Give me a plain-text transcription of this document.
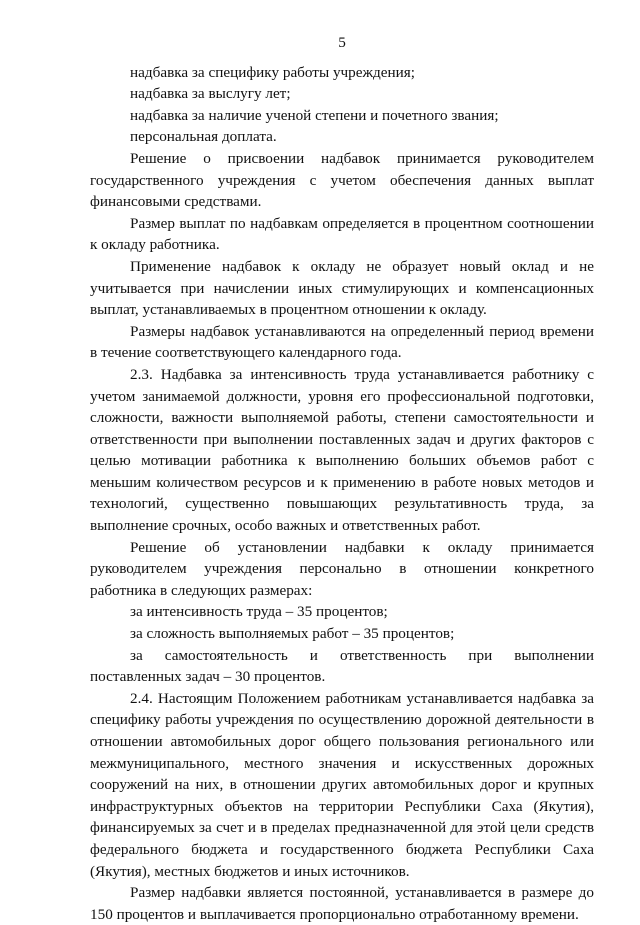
5

надбавка за специфику работы учреждения;

надбавка за выслугу лет;

надбавка за наличие ученой степени и почетного звания;

персональная доплата.

Решение о присвоении надбавок принимается руководителем государственного учреждения с учетом обеспечения данных выплат финансовыми средствами.

Размер выплат по надбавкам определяется в процентном соотношении к окладу работника.

Применение надбавок к окладу не образует новый оклад и не учитывается при начислении иных стимулирующих и компенсационных выплат, устанавливаемых в процентном отношении к окладу.

Размеры надбавок устанавливаются на определенный период времени в течение соответствующего календарного года.

2.3. Надбавка за интенсивность труда устанавливается работнику с учетом занимаемой должности, уровня его профессиональной подготовки, сложности, важности выполняемой работы, степени самостоятельности и ответственности при выполнении поставленных задач и других факторов с целью мотивации работника к выполнению больших объемов работ с меньшим количеством ресурсов и к применению в работе новых методов и технологий, существенно повышающих результативность труда, за выполнение срочных, особо важных и ответственных работ.

Решение об установлении надбавки к окладу принимается руководителем учреждения персонально в отношении конкретного работника в следующих размерах:

за интенсивность труда – 35 процентов;

за сложность выполняемых работ – 35 процентов;

за самостоятельность и ответственность при выполнении поставленных задач – 30 процентов.

2.4. Настоящим Положением работникам устанавливается надбавка за специфику работы учреждения по осуществлению дорожной деятельности в отношении автомобильных дорог общего пользования регионального или межмуниципального, местного значения и искусственных дорожных сооружений на них, в отношении других автомобильных дорог и крупных инфраструктурных объектов на территории Республики Саха (Якутия), финансируемых за счет и в пределах предназначенной для этой цели средств федерального бюджета и государственного бюджета Республики Саха (Якутия), местных бюджетов и иных источников.

Размер надбавки является постоянной, устанавливается в размере до 150 процентов и выплачивается пропорционально отработанному времени.
